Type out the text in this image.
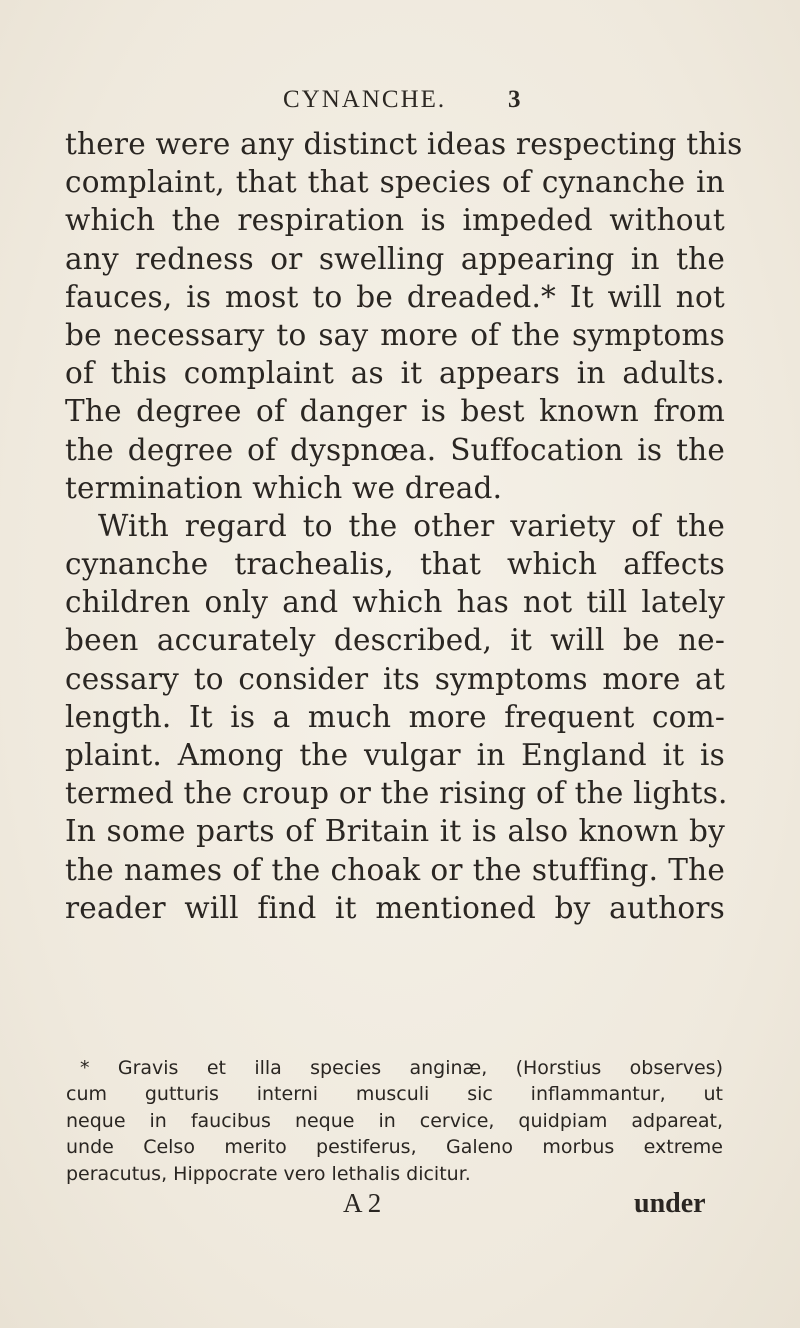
CYNANCHE. 3
there were any distinct ideas respecting this
complaint, that that species of cynanche in
which the respiration is impeded without
any redness or swelling appearing in the
fauces, is most to be dreaded.* It will not
be necessary to say more of the symptoms
of this complaint as it appears in adults.
The degree of danger is best known from
the degree of dyspnœa. Suffocation is the
termination which we dread.
With regard to the other variety of the
cynanche trachealis, that which affects
children only and which has not till lately
been accurately described, it will be ne-
cessary to consider its symptoms more at
length. It is a much more frequent com-
plaint. Among the vulgar in England it is
termed the croup or the rising of the lights.
In some parts of Britain it is also known by
the names of the choak or the stuffing. The
reader will find it mentioned by authors
* Gravis et illa species anginæ, (Horstius observes)
cum gutturis interni musculi sic inflammantur, ut
neque in faucibus neque in cervice, quidpiam adpareat,
unde Celso merito pestiferus, Galeno morbus extreme
peracutus, Hippocrate vero lethalis dicitur.
A 2	under
